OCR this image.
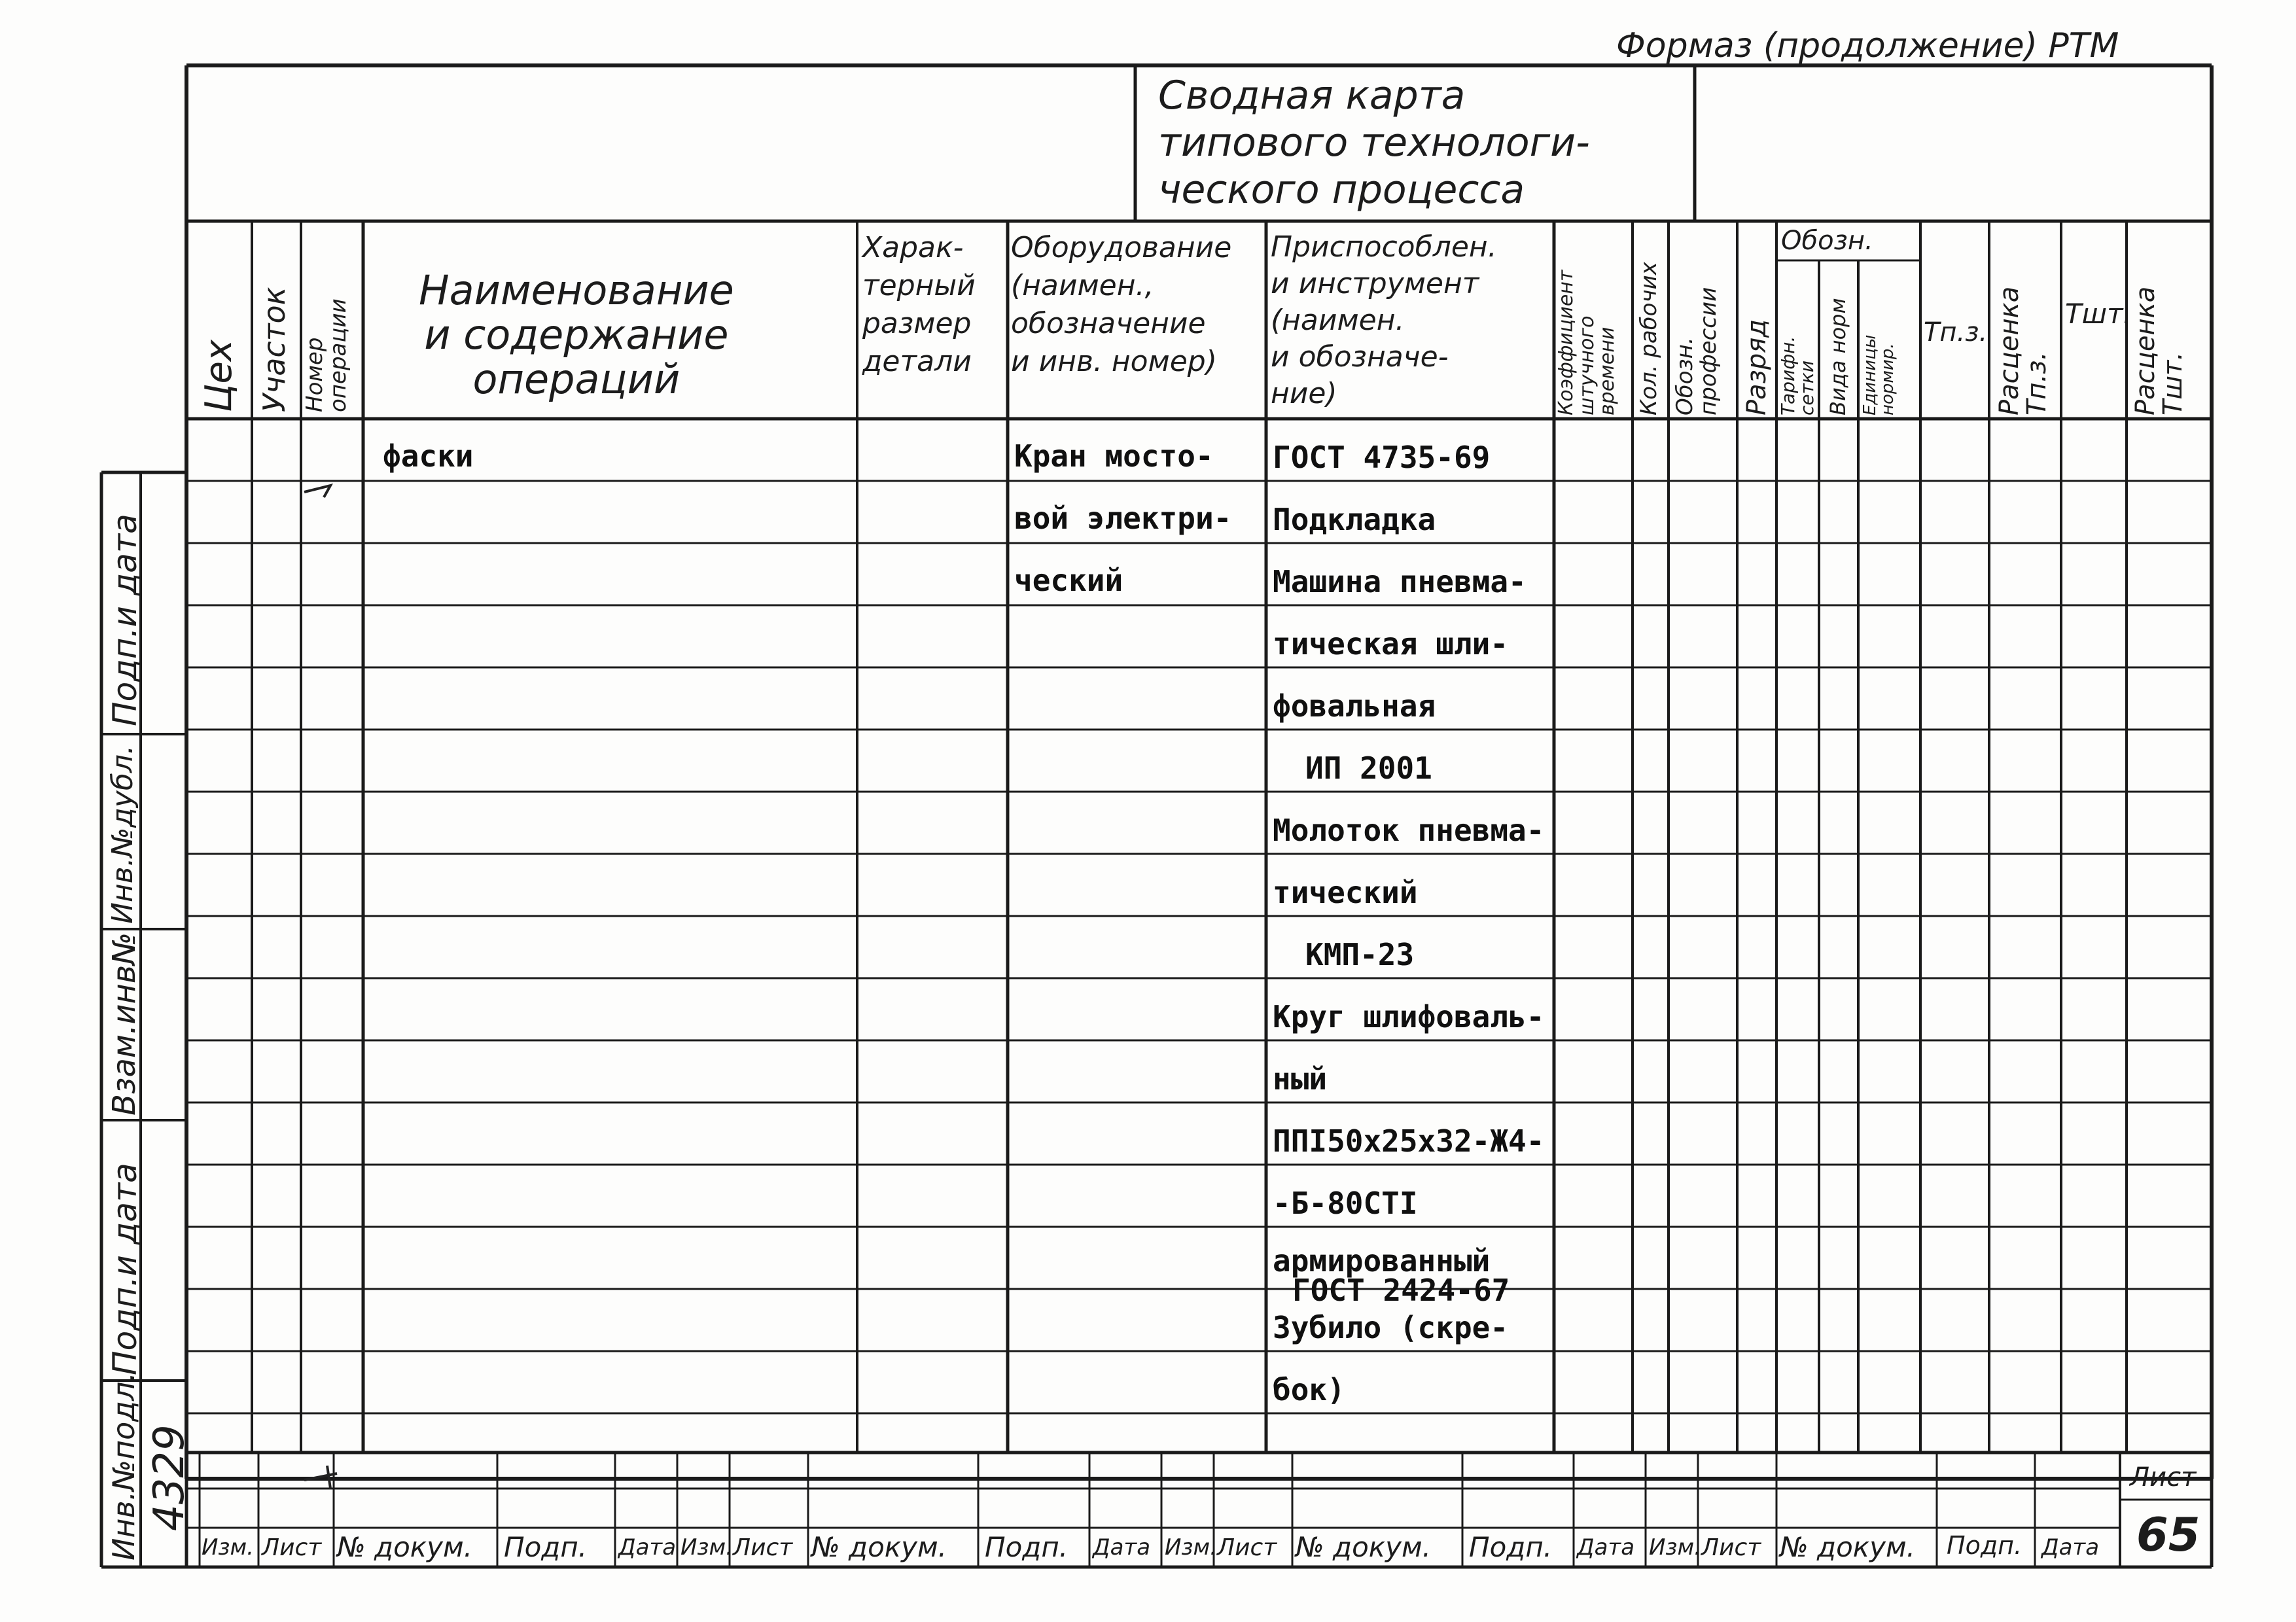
Формаз (продолжение) РТМ
Сводная карта
типового технологи-
ческого процесса
Цех Участок Номер
операции
Наименование
и содержание
операций
Харак-
терный
размер
детали
Оборудование
(наимен.,
обозначение
и инв. номер)
Приспособлен.
и инструмент
(наимен.
и обозначе-
ние)	Коэффициент
штучного
времени Кол. рабочих Обозн.
профессии Разряд
Обозн.
Тарифн.
сетки Вида норм Единицы
нормир.
Тп.з. Расценка
Тп.з.
Тшт.
Расценка
Тшт.
фаски	Кран мосто-
вой электри-
ческий
ГОСТ 4735-69
Подкладка
Машина пневма-
тическая шли-
фовальная
ИП 2001
Молоток пневма-
тический
КМП-23
Круг шлифоваль-
ный
ППI50х25х32-Ж4-
-Б-80СТI
армированный
ГОСТ 2424-67
Зубило (скре-
бок)
Подп.и дата
Инв.№дубл.
Взам.инв№
Подп.и дата
Инв.№подл. 4329
Изм. Лист № докум. Подп. Дата Изм. Лист № докум. Подп. Дата Изм. Лист № докум. Подп. Дата Изм. Лист № докум. Подп. Дата
Лист
65
